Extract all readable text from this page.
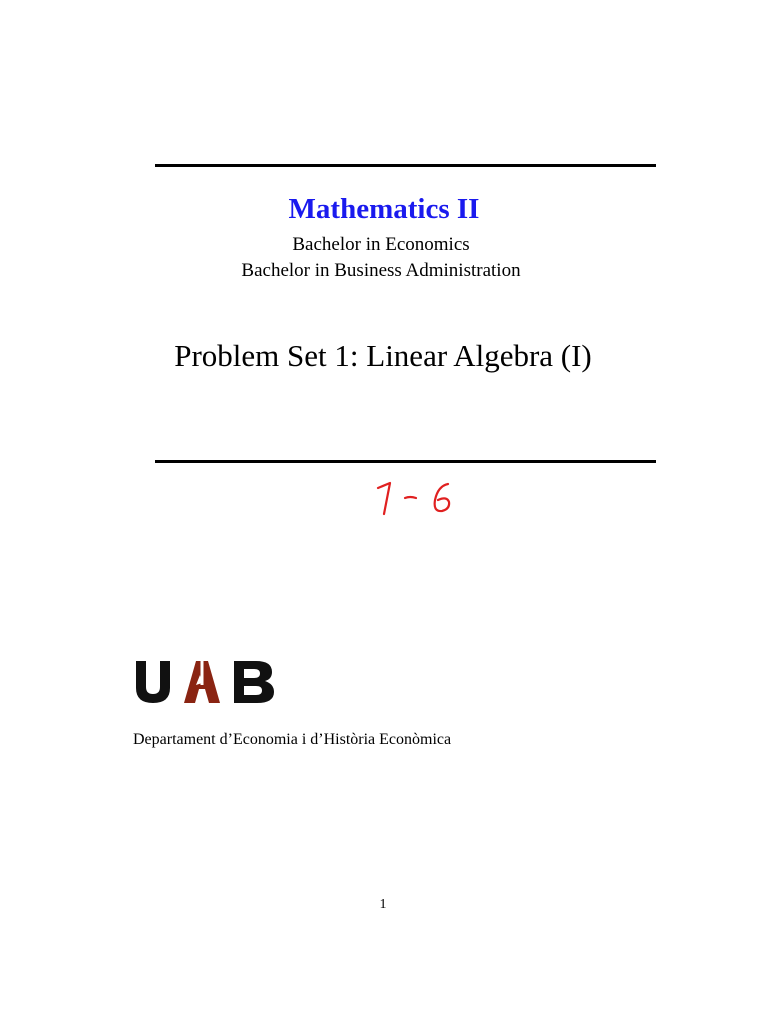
Mathematics II
Bachelor in Economics
Bachelor in Business Administration
Problem Set 1: Linear Algebra (I)
Departament d’Economia i d’Història Econòmica
1
